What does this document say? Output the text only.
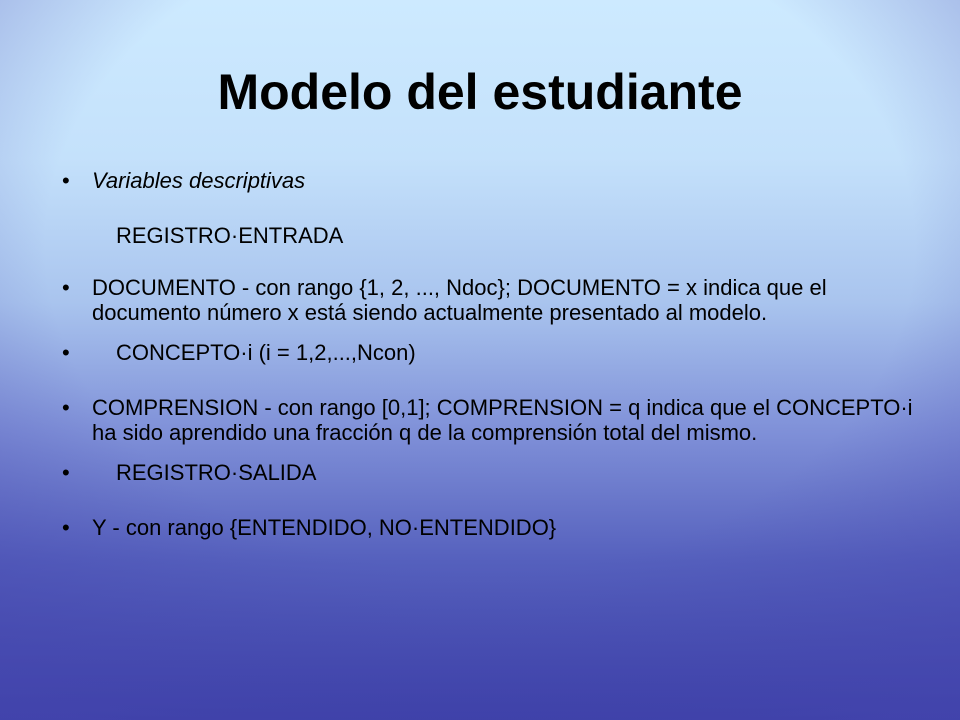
Modelo del estudiante
• Variables descriptivas
REGISTRO·ENTRADA
• DOCUMENTO - con rango {1, 2, ..., Ndoc}; DOCUMENTO = x indica que el documento número x está siendo actualmente presentado al modelo.
• CONCEPTO·i (i = 1,2,...,Ncon)
• COMPRENSION - con rango [0,1]; COMPRENSION = q indica que el CONCEPTO·i ha sido aprendido una fracción q de la comprensión total del mismo.
• REGISTRO·SALIDA
• Y - con rango {ENTENDIDO, NO·ENTENDIDO}
